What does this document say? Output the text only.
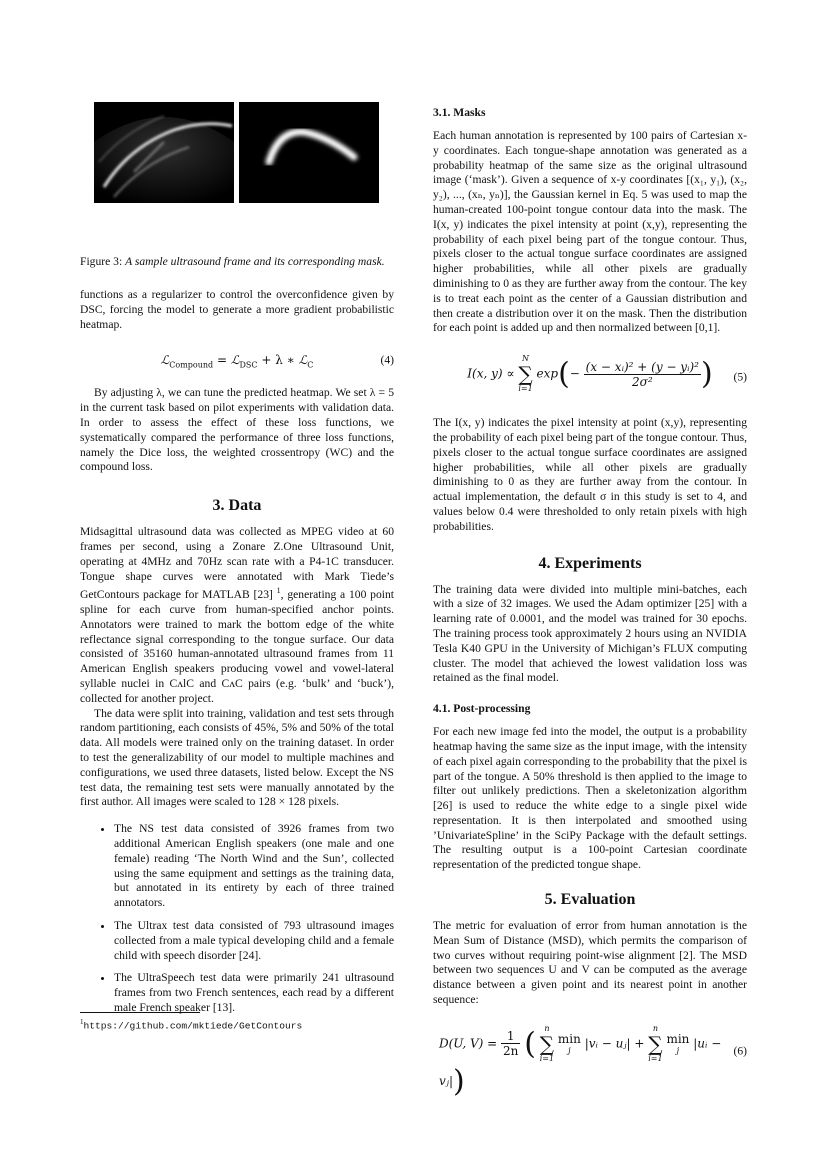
Figure 3: A sample ultrasound frame and its corresponding mask.

functions as a regularizer to control the overconfidence given by DSC, forcing the model to generate a more gradient probabilistic heatmap.

ℒ$_{Compound}$ = ℒ$_{DSC}$ + λ ∗ ℒ$_C$	(4)

By adjusting λ, we can tune the predicted heatmap. We set λ = 5 in the current task based on pilot experiments with validation data. In order to assess the effect of these loss functions, we systematically compared the performance of three loss functions, namely the Dice loss, the weighted crossentropy (WC) and the compound loss.

3. Data

Midsagittal ultrasound data was collected as MPEG video at 60 frames per second, using a Zonare Z.One Ultrasound Unit, operating at 4MHz and 70Hz scan rate with a P4-1C transducer. Tongue shape curves were annotated with Mark Tiede’s GetContours package for MATLAB [23] $^1$, generating a 100 point spline for each curve from human-specified anchor points. Annotators were trained to mark the bottom edge of the white reflectance signal corresponding to the tongue surface. Our data consisted of 35160 human-annotated ultrasound frames from 11 American English speakers producing vowel and vowel-lateral syllable nuclei in CᴧlC and CᴧC pairs (e.g. ‘bulk’ and ‘buck’), collected for another project.

The data were split into training, validation and test sets through random partitioning, each consists of 45%, 5% and 50% of the total data. All models were trained only on the training dataset. In order to test the generalizability of our model to multiple machines and configurations, we used three datasets, listed below. Except the NS test data, the remaining test sets were manually annotated by the first author. All images were scaled to 128 × 128 pixels.

• The NS test data consisted of 3926 frames from two additional American English speakers (one male and one female) reading ‘The North Wind and the Sun’, collected using the same equipment and settings as the training data, but annotated in its entirety by each of three trained annotators.
• The Ultrax test data consisted of 793 ultrasound images collected from a male typical developing child and a female child with speech disorder [24].
• The UltraSpeech test data were primarily 241 ultrasound frames from two French sentences, each read by a different male French speaker [13].
$^1$https://github.com/mktiede/GetContours
3.1. Masks

Each human annotation is represented by 100 pairs of Cartesian x-y coordinates. Each tongue-shape annotation was generated as a probability heatmap of the same size as the original ultrasound image (‘mask’). Given a sequence of x-y coordinates [(x₁, y₁), (x₂, y₂), ..., (xₙ, yₙ)], the Gaussian kernel in Eq. 5 was used to map the human-created 100-point tongue contour data into the mask. The I(x, y) indicates the pixel intensity at point (x,y), representing the probability of each pixel being part of the tongue contour. Thus, pixels closer to the actual tongue surface coordinates are assigned higher probabilities, while all other pixels are gradually diminishing to 0 as they are further away from the contour. The key is to treat each point as the center of a Gaussian distribution and then create a distribution over it on the mask. Then the distribution for each point is added up and then normalized between [0,1].

I(x, y) ∝
N
∑
i=1
$\exp(- \frac{\text{(x − xᵢ)² + (y − yᵢ)²}}{\text{2σ²}}$ )	(5)

The I(x, y) indicates the pixel intensity at point (x,y), representing the probability of each pixel being part of the tongue contour. Thus, pixels closer to the actual tongue surface coordinates are assigned higher probabilities, while all other pixels are gradually diminishing to 0 as they are further away from the contour. In actual implementation, the default σ in this study is set to 4, and values below 0.4 were thresholded to only retain pixels with high probabilities.

4. Experiments

The training data were divided into multiple mini-batches, each with a size of 32 images. We used the Adam optimizer [25] with a learning rate of 0.0001, and the model was trained for 30 epochs. The training process took approximately 2 hours using an NVIDIA Tesla K40 GPU in the University of Michigan’s FLUX computing cluster. The model that achieved the lowest validation loss was retained as the final model.

4.1. Post-processing

For each new image fed into the model, the output is a probability heatmap having the same size as the input image, with the intensity of each pixel again corresponding to the probability that the pixel is part of the tongue. A 50% threshold is then applied to the image to filter out unlikely predictions. Then a skeletonization algorithm [26] is used to reduce the white edge to a single pixel wide representation. It is then interpolated and smoothed using ’UnivariateSpline’ in the SciPy Package with the default settings. The resulting output is a 100-point Cartesian coordinate representation of the predicted tongue shape.

5. Evaluation

The metric for evaluation of error from human annotation is the Mean Sum of Distance (MSD), which permits the comparison of two curves without requiring point-wise alignment [2]. The MSD between two sequences U and V can be computed as the average distance between a given point and its nearest point in another sequence:

D(U, $V) = \frac{1}{2n}$ (	n
∑
i=1

min
j	|vᵢ − uⱼ| +
n
∑
i=1

min
j	|uᵢ − vⱼ|)
(6)
